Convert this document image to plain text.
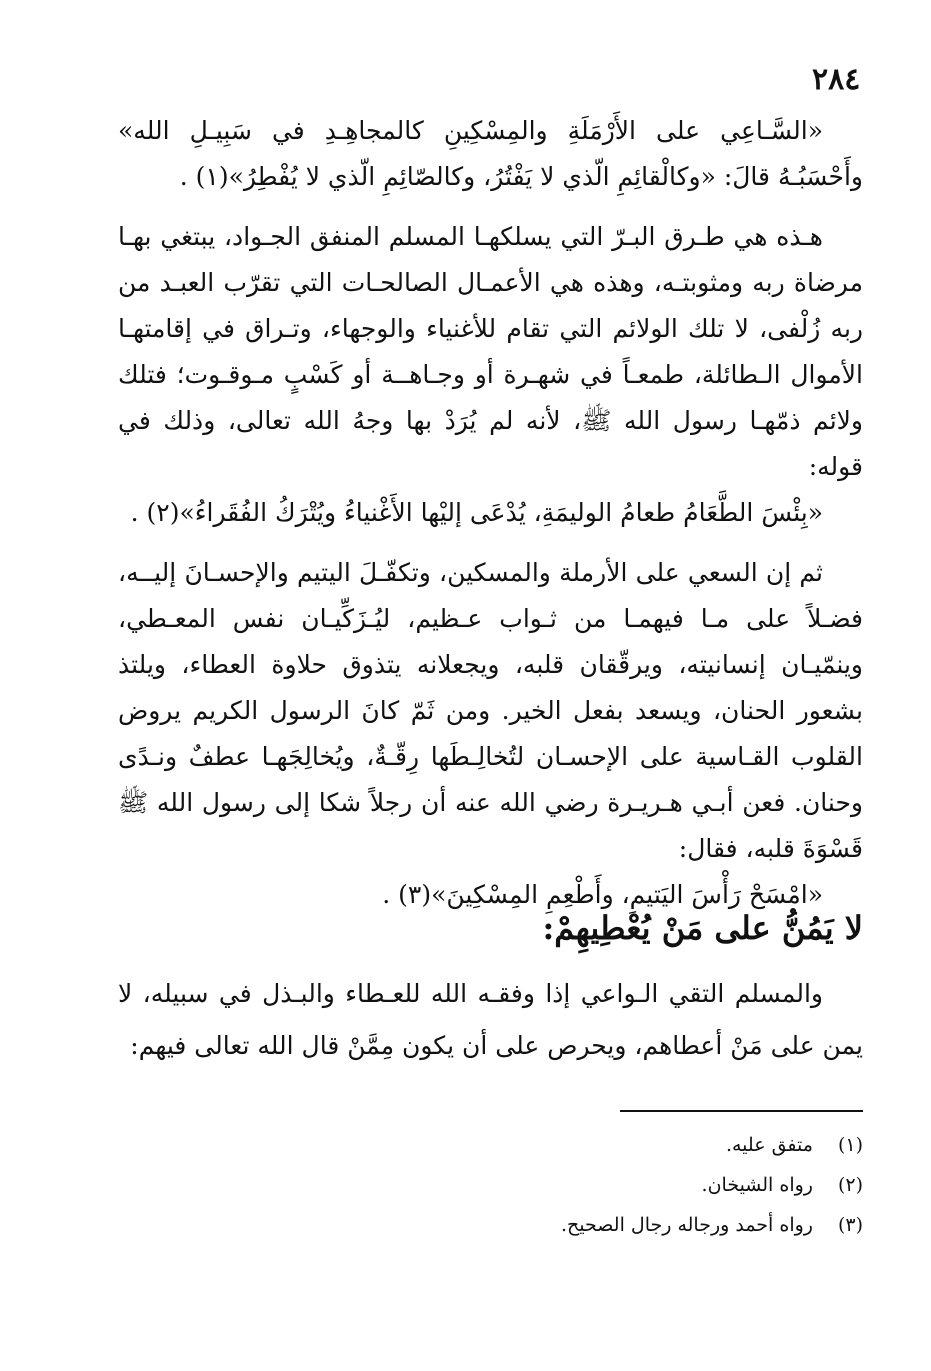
٢٨٤

«السَّـاعِي على الأَرْمَلَةِ والمِسْكِينِ كالمجاهِـدِ في سَبِيـلِ الله» وأَحْسَبُـهُ قالَ: «وكالْقائِمِ الّذي لا يَفْتُرُ، وكالصّائِمِ الّذي لا يُفْطِرُ»(١) .

هـذه هي طـرق البـرّ التي يسلكهـا المسلم المنفق الجـواد، يبتغي بهـا مرضاة ربه ومثوبتـه، وهذه هي الأعمـال الصالحـات التي تقرّب العبـد من ربه زُلْفى، لا تلك الولائم التي تقام للأغنياء والوجهاء، وتـراق في إقامتهـا الأموال الـطائلة، طمعـاً في شهـرة أو وجـاهــة أو كَسْبٍ مـوقـوت؛ فتلك ولائم ذمّهـا رسول الله ﷺ، لأنه لم يُرَدْ بها وجهُ الله تعالى، وذلك في قوله:

«بِئْسَ الطَّعَامُ طعامُ الوليمَةِ، يُدْعَى إليْها الأَغْنياءُ ويُتْرَكُ الفُقَراءُ»(٢) .

ثم إن السعي على الأرملة والمسكين، وتكفّـلَ اليتيم والإحسـانَ إليــه، فضـلاً على مـا فيهمـا من ثـواب عـظيم، ليُـزَكِّيـان نفس المعـطي، وينمّيـان إنسانيته، ويرقّقان قلبه، ويجعلانه يتذوق حلاوة العطاء، ويلتذ بشعور الحنان، ويسعد بفعل الخير. ومن ثَمّ كانَ الرسول الكريم يروض القلوب القـاسية على الإحسـان لتُخالِـطَها رِقّـةٌ، ويُخالِجَهـا عطفٌ ونـدًى وحنان. فعن أبـي هـريـرة رضي الله عنه أن رجلاً شكا إلى رسول الله ﷺ قَسْوَةَ قلبه، فقال:

«امْسَحْ رَأْسَ اليَتيمِ، وأَطْعِمِ المِسْكِينَ»(٣) .

لا يَمُنُّ على مَنْ يُعْطِيهِمْ:
والمسلم التقي الـواعي إذا وفقـه الله للعـطاء والبـذل في سبيله، لا يمن على مَنْ أعطاهم، ويحرص على أن يكون مِمَّنْ قال الله تعالى فيهم:
(١) متفق عليه.
(٢) رواه الشيخان.
(٣) رواه أحمد ورجاله رجال الصحيح.
